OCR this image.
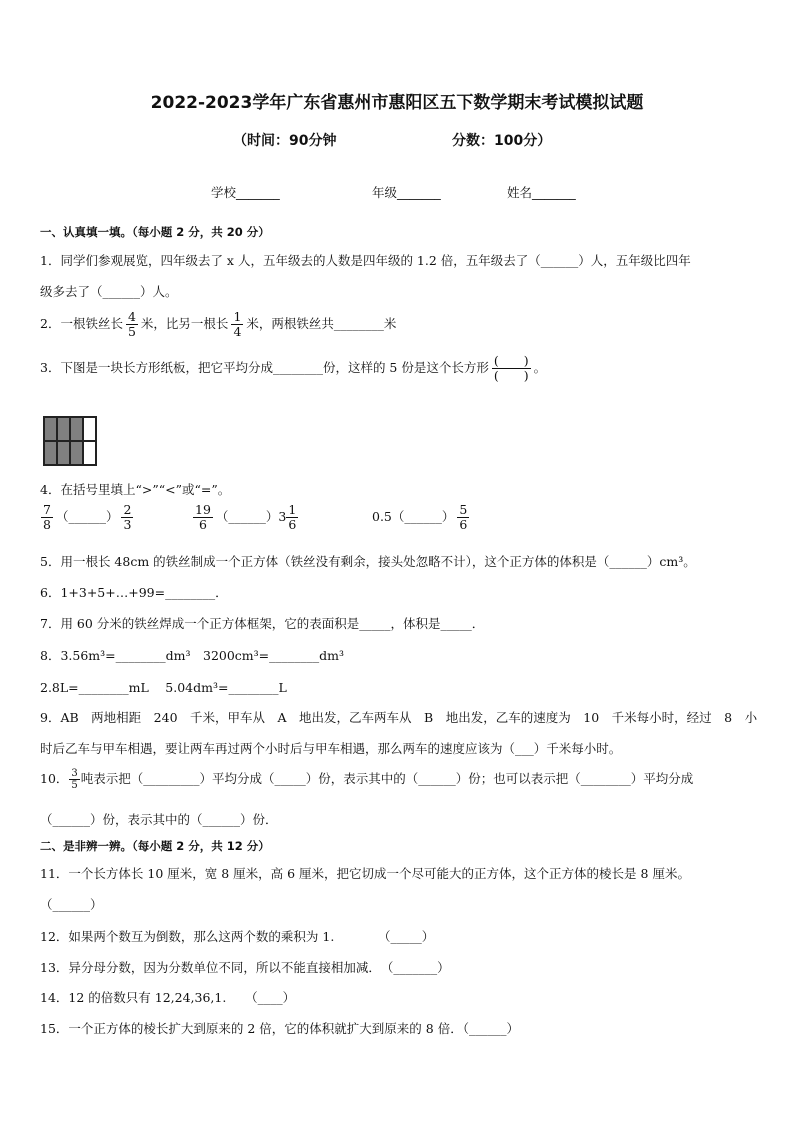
2022-2023学年广东省惠州市惠阳区五下数学期末考试模拟试题
（时间：90分钟	分数：100分）
学校_______	年级_______	姓名_______
一、认真填一填。（每小题 2 分，共 20 分）
1．同学们参观展览，四年级去了 x 人，五年级去的人数是四年级的 1.2 倍，五年级去了（______）人，五年级比四年
级多去了（______）人。
2．一根铁丝长 $\frac{4}{5}$ 米，比另一根长 $\frac{1}{4}$ 米，两根铁丝共________米
3．下图是一块长方形纸板，把它平均分成________份，这样的 5 份是这个长方形 $\frac{( )}{( )}$ 。
4．在括号里填上“>”“<”或“=”。
$\frac{7}{8}$ （______） $\frac{2}{3}$	$\frac{19}{6}$ （______）3 $\frac{1}{6}$	0.5（______） $\frac{5}{6}$
5．用一根长 48cm 的铁丝制成一个正方体（铁丝没有剩余，接头处忽略不计），这个正方体的体积是（______）cm³。
6．1+3+5+…+99=________．
7．用 60 分米的铁丝焊成一个正方体框架，它的表面积是_____，体积是_____．
8．3.56m³=________dm³　3200cm³=________dm³
2.8L=________mL　 5.04dm³=________L
9．AB　两地相距　240　千米，甲车从　A　地出发，乙车两车从　B　地出发，乙车的速度为　10　千米每小时，经过　8　小
时后乙车与甲车相遇，要让两车再过两个小时后与甲车相遇，那么两车的速度应该为（___）千米每小时。
10． $\frac{3}{5}$ 吨表示把（_________）平均分成（_____）份，表示其中的（______）份；也可以表示把（________）平均分成
（______）份，表示其中的（______）份．
二、是非辨一辨。（每小题 2 分，共 12 分）
11．一个长方体长 10 厘米，宽 8 厘米，高 6 厘米，把它切成一个尽可能大的正方体，这个正方体的棱长是 8 厘米。
（______）
12．如果两个数互为倒数，那么这两个数的乘积为 1.　　　　（_____）
13．异分母分数，因为分数单位不同，所以不能直接相加减．　（_______）
14．12 的倍数只有 12,24,36,1.　　（____）
15．一个正方体的棱长扩大到原来的 2 倍，它的体积就扩大到原来的 8 倍．（______）
